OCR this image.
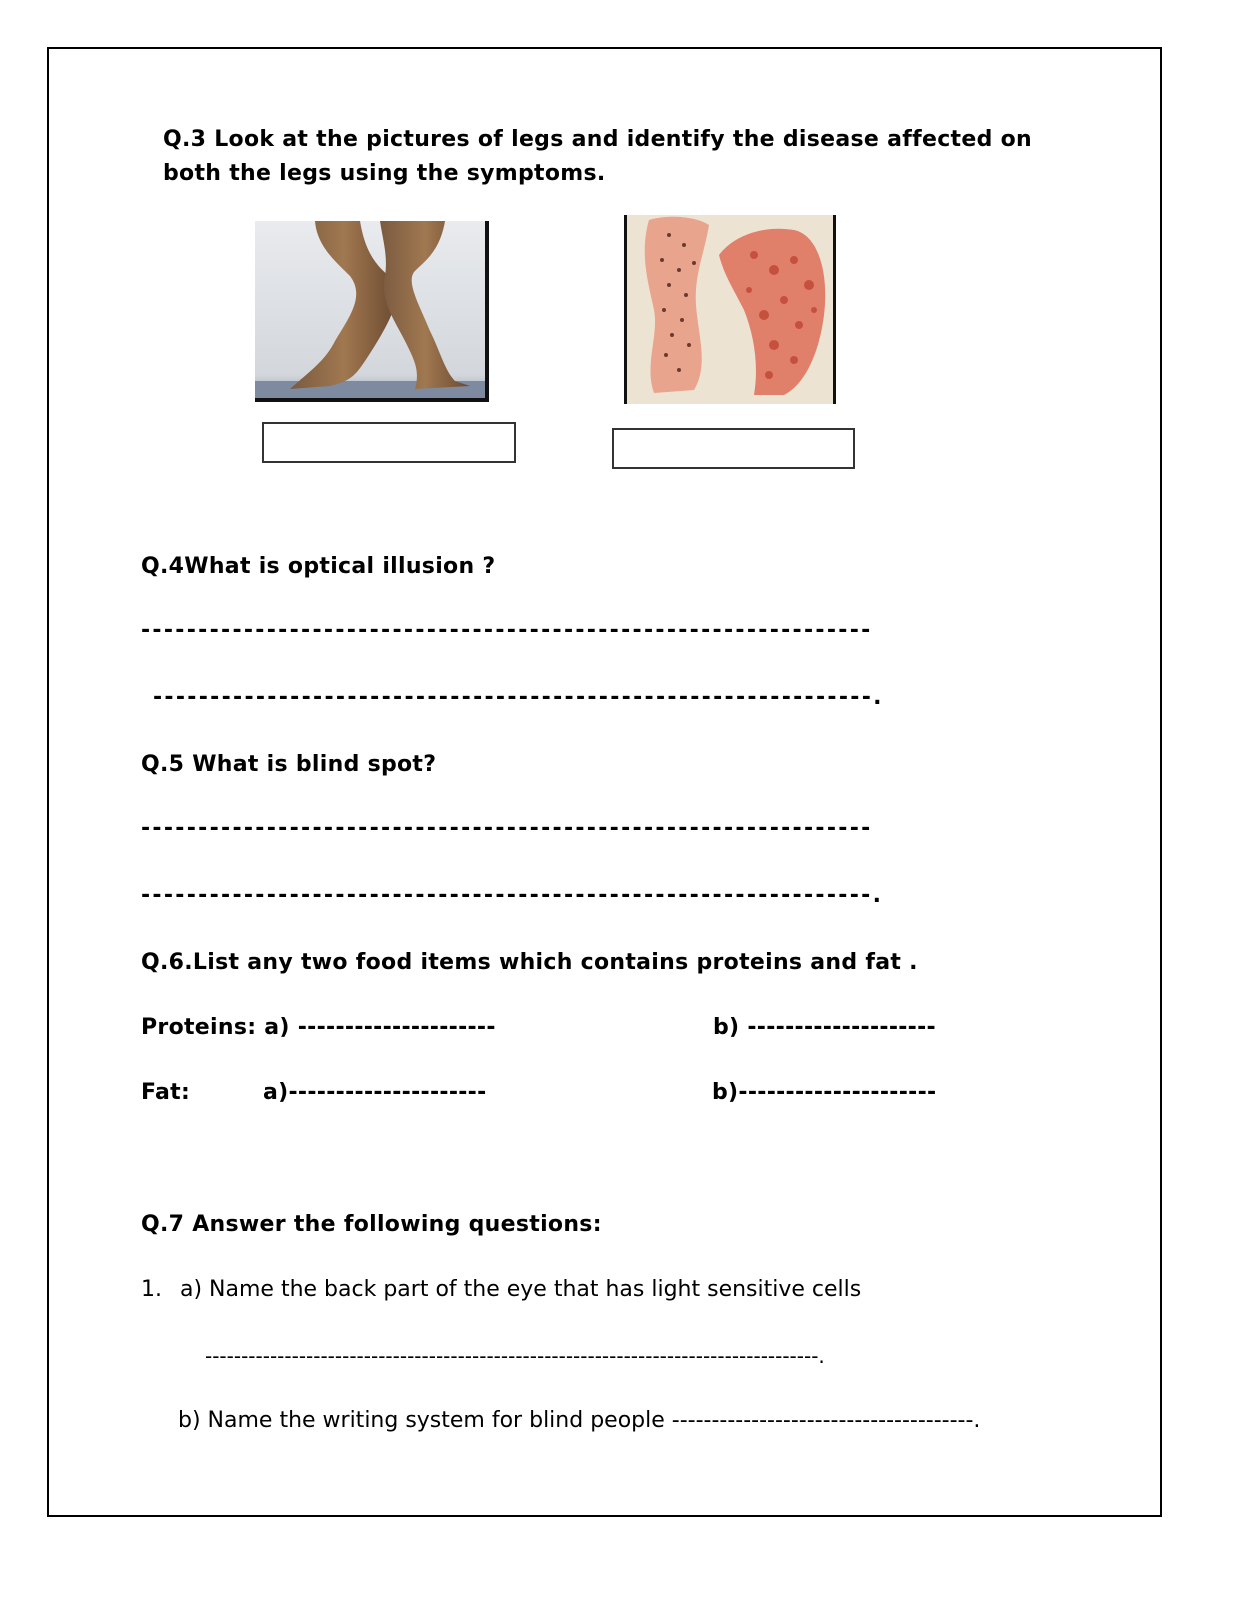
Q.3 Look at the pictures of legs and identify the disease affected on both the legs using the symptoms.
Q.4What is optical illusion ?
----------------------------------------------------------------
---------------------------------------------------------------.
Q.5 What is blind spot?
----------------------------------------------------------------
----------------------------------------------------------------.
Q.6.List any two food items which contains proteins and fat .
Proteins: a) ---------------------	b) --------------------
Fat:	a)---------------------	b)---------------------
Q.7 Answer the following questions:
1. a) Name the back part of the eye that has light sensitive cells
-------------------------------------------------------------------------------------.
b) Name the writing system for blind people --------------------------------------.
